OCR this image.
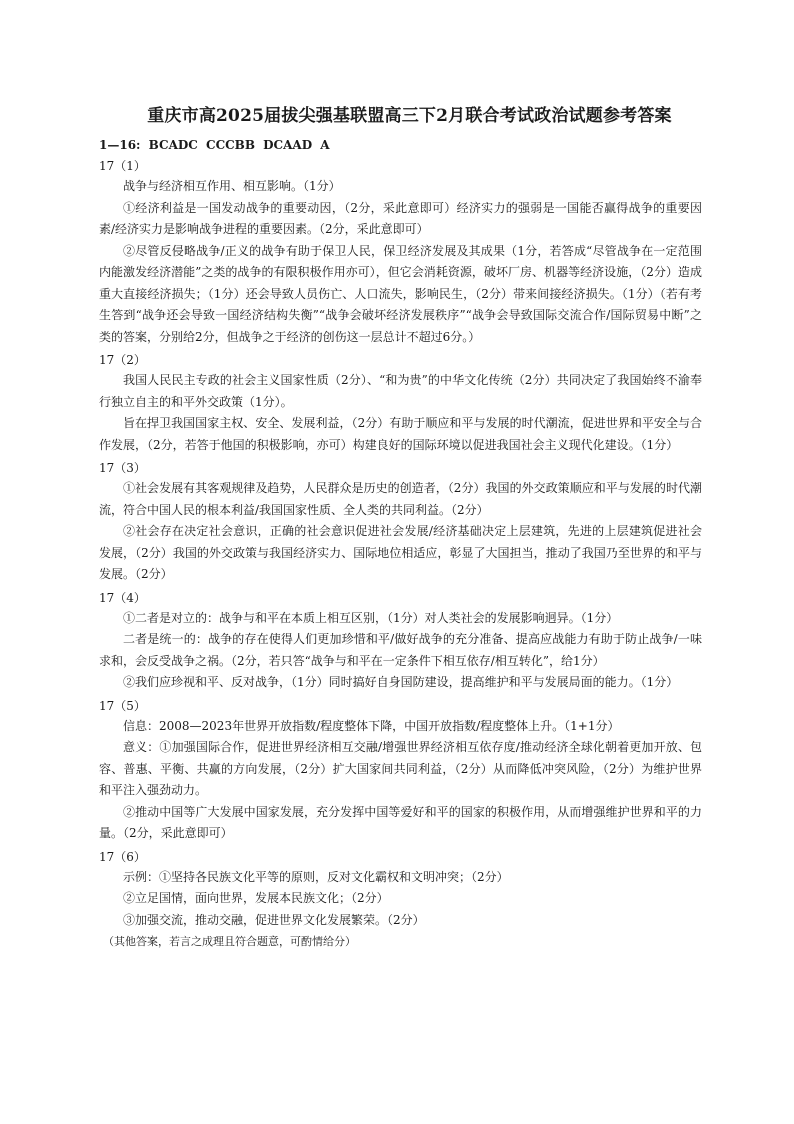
重庆市高2025届拔尖强基联盟高三下2月联合考试政治试题参考答案
1—16: BCADC CCCBB DCAAD A
17（1）

战争与经济相互作用、相互影响。（1分）

①经济利益是一国发动战争的重要动因，（2分，采此意即可）经济实力的强弱是一国能否赢得战争的重要因素/经济实力是影响战争进程的重要因素。（2分，采此意即可）

②尽管反侵略战争/正义的战争有助于保卫人民，保卫经济发展及其成果（1分，若答成“尽管战争在一定范围内能激发经济潜能”之类的战争的有限积极作用亦可），但它会消耗资源，破坏厂房、机器等经济设施，（2分）造成重大直接经济损失；（1分）还会导致人员伤亡、人口流失，影响民生，（2分）带来间接经济损失。（1分）（若有考生答到“战争还会导致一国经济结构失衡”“战争会破坏经济发展秩序”“战争会导致国际交流合作/国际贸易中断”之类的答案，分别给2分，但战争之于经济的创伤这一层总计不超过6分。）

17（2）

我国人民民主专政的社会主义国家性质（2分）、“和为贵”的中华文化传统（2分）共同决定了我国始终不渝奉行独立自主的和平外交政策（1分）。

旨在捍卫我国国家主权、安全、发展利益，（2分）有助于顺应和平与发展的时代潮流，促进世界和平安全与合作发展，（2分，若答于他国的积极影响，亦可）构建良好的国际环境以促进我国社会主义现代化建设。（1分）

17（3）

①社会发展有其客观规律及趋势，人民群众是历史的创造者，（2分）我国的外交政策顺应和平与发展的时代潮流，符合中国人民的根本利益/我国国家性质、全人类的共同利益。（2分）

②社会存在决定社会意识，正确的社会意识促进社会发展/经济基础决定上层建筑，先进的上层建筑促进社会发展，（2分）我国的外交政策与我国经济实力、国际地位相适应，彰显了大国担当，推动了我国乃至世界的和平与发展。（2分）

17（4）

①二者是对立的：战争与和平在本质上相互区别，（1分）对人类社会的发展影响迥异。（1分）

二者是统一的：战争的存在使得人们更加珍惜和平/做好战争的充分准备、提高应战能力有助于防止战争/一味求和，会反受战争之祸。（2分，若只答“战争与和平在一定条件下相互依存/相互转化”，给1分）

②我们应珍视和平、反对战争，（1分）同时搞好自身国防建设，提高维护和平与发展局面的能力。（1分）

17（5）

信息：2008—2023年世界开放指数/程度整体下降，中国开放指数/程度整体上升。（1+1分）

意义：①加强国际合作，促进世界经济相互交融/增强世界经济相互依存度/推动经济全球化朝着更加开放、包容、普惠、平衡、共赢的方向发展，（2分）扩大国家间共同利益，（2分）从而降低冲突风险，（2分）为维护世界和平注入强劲动力。

②推动中国等广大发展中国家发展，充分发挥中国等爱好和平的国家的积极作用，从而增强维护世界和平的力量。（2分，采此意即可）

17（6）

示例：①坚持各民族文化平等的原则，反对文化霸权和文明冲突；（2分）

②立足国情，面向世界，发展本民族文化；（2分）

③加强交流，推动交融，促进世界文化发展繁荣。（2分）

（其他答案，若言之成理且符合题意，可酌情给分）
